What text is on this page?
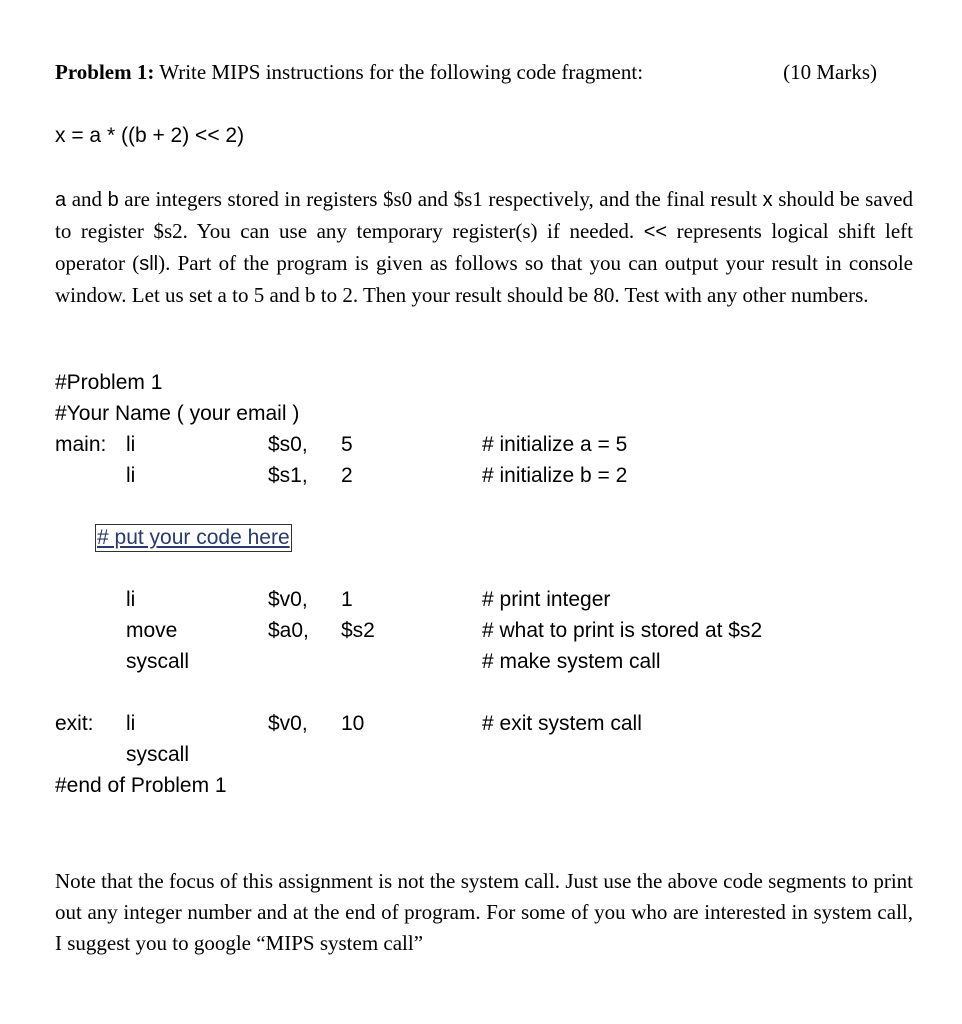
Problem 1: Write MIPS instructions for the following code fragment:	(10 Marks)
x = a * ((b + 2) << 2)
a and b are integers stored in registers $s0 and $s1 respectively, and the final result x should be saved to register $s2. You can use any temporary register(s) if needed. << represents logical shift left operator (sll). Part of the program is given as follows so that you can output your result in console window. Let us set a to 5 and b to 2. Then your result should be 80. Test with any other numbers.
#Problem 1
#Your Name ( your email )
main: li	$s0, 5	# initialize a = 5
li	$s1, 2	# initialize b = 2
# put your code here
li	$v0, 1	# print integer
move	$a0, $s2	# what to print is stored at $s2
syscall	# make system call
exit: li	$v0, 10	# exit system call
syscall
#end of Problem 1
Note that the focus of this assignment is not the system call. Just use the above code segments to print out any integer number and at the end of program. For some of you who are interested in system call, I suggest you to google “MIPS system call”
